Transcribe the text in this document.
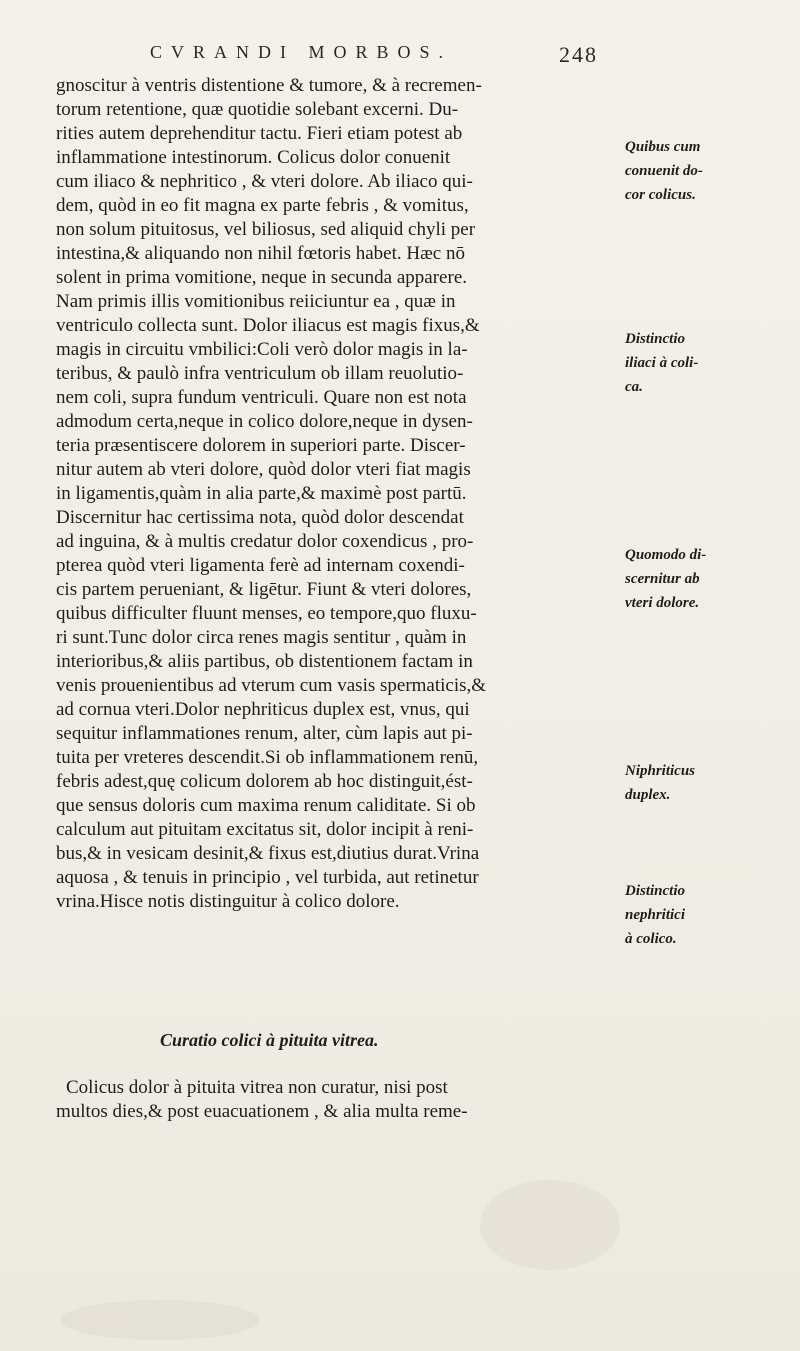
CVRANDI MORBOS.	248
gnoscitur à ventris distentione & tumore, & à recremen-
torum retentione, quæ quotidie solebant excerni. Du-
rities autem deprehenditur tactu. Fieri etiam potest ab
inflammatione intestinorum. Colicus dolor conuenit
cum iliaco & nephritico , & vteri dolore. Ab iliaco qui-
dem, quòd in eo fit magna ex parte febris , & vomitus,
non solum pituitosus, vel biliosus, sed aliquid chyli per
intestina,& aliquando non nihil fœtoris habet. Hæc nō
solent in prima vomitione, neque in secunda apparere.
Nam primis illis vomitionibus reiiciuntur ea , quæ in
ventriculo collecta sunt. Dolor iliacus est magis fixus,&
magis in circuitu vmbilici:Coli verò dolor magis in la-
teribus, & paulò infra ventriculum ob illam reuolutio-
nem coli, supra fundum ventriculi. Quare non est nota
admodum certa,neque in colico dolore,neque in dysen-
teria præsentiscere dolorem in superiori parte. Discer-
nitur autem ab vteri dolore, quòd dolor vteri fiat magis
in ligamentis,quàm in alia parte,& maximè post partū.
Discernitur hac certissima nota, quòd dolor descendat
ad inguina, & à multis credatur dolor coxendicus , pro-
pterea quòd vteri ligamenta ferè ad internam coxendi-
cis partem perueniant, & ligētur. Fiunt & vteri dolores,
quibus difficulter fluunt menses, eo tempore,quo fluxu-
ri sunt.Tunc dolor circa renes magis sentitur , quàm in
interioribus,& aliis partibus, ob distentionem factam in
venis prouenientibus ad vterum cum vasis spermaticis,&
ad cornua vteri.Dolor nephriticus duplex est, vnus, qui
sequitur inflammationes renum, alter, cùm lapis aut pi-
tuita per vreteres descendit.Si ob inflammationem renū,
febris adest,quę colicum dolorem ab hoc distinguit,ést-
que sensus doloris cum maxima renum caliditate. Si ob
calculum aut pituitam excitatus sit, dolor incipit à reni-
bus,& in vesicam desinit,& fixus est,diutius durat.Vrina
aquosa , & tenuis in principio , vel turbida, aut retinetur
vrina.Hisce notis distinguitur à colico dolore.
Colicus dolor à pituita vitrea non curatur, nisi post
multos dies,& post euacuationem , & alia multa reme-
Curatio colici à pituita vitrea.
Quibus cum
conuenit do-
cor colicus.
Distinctio
iliaci à coli-
ca.
Quomodo di-
scernitur ab
vteri dolore.
Niphriticus
duplex.
Distinctio
nephritici
à colico.
